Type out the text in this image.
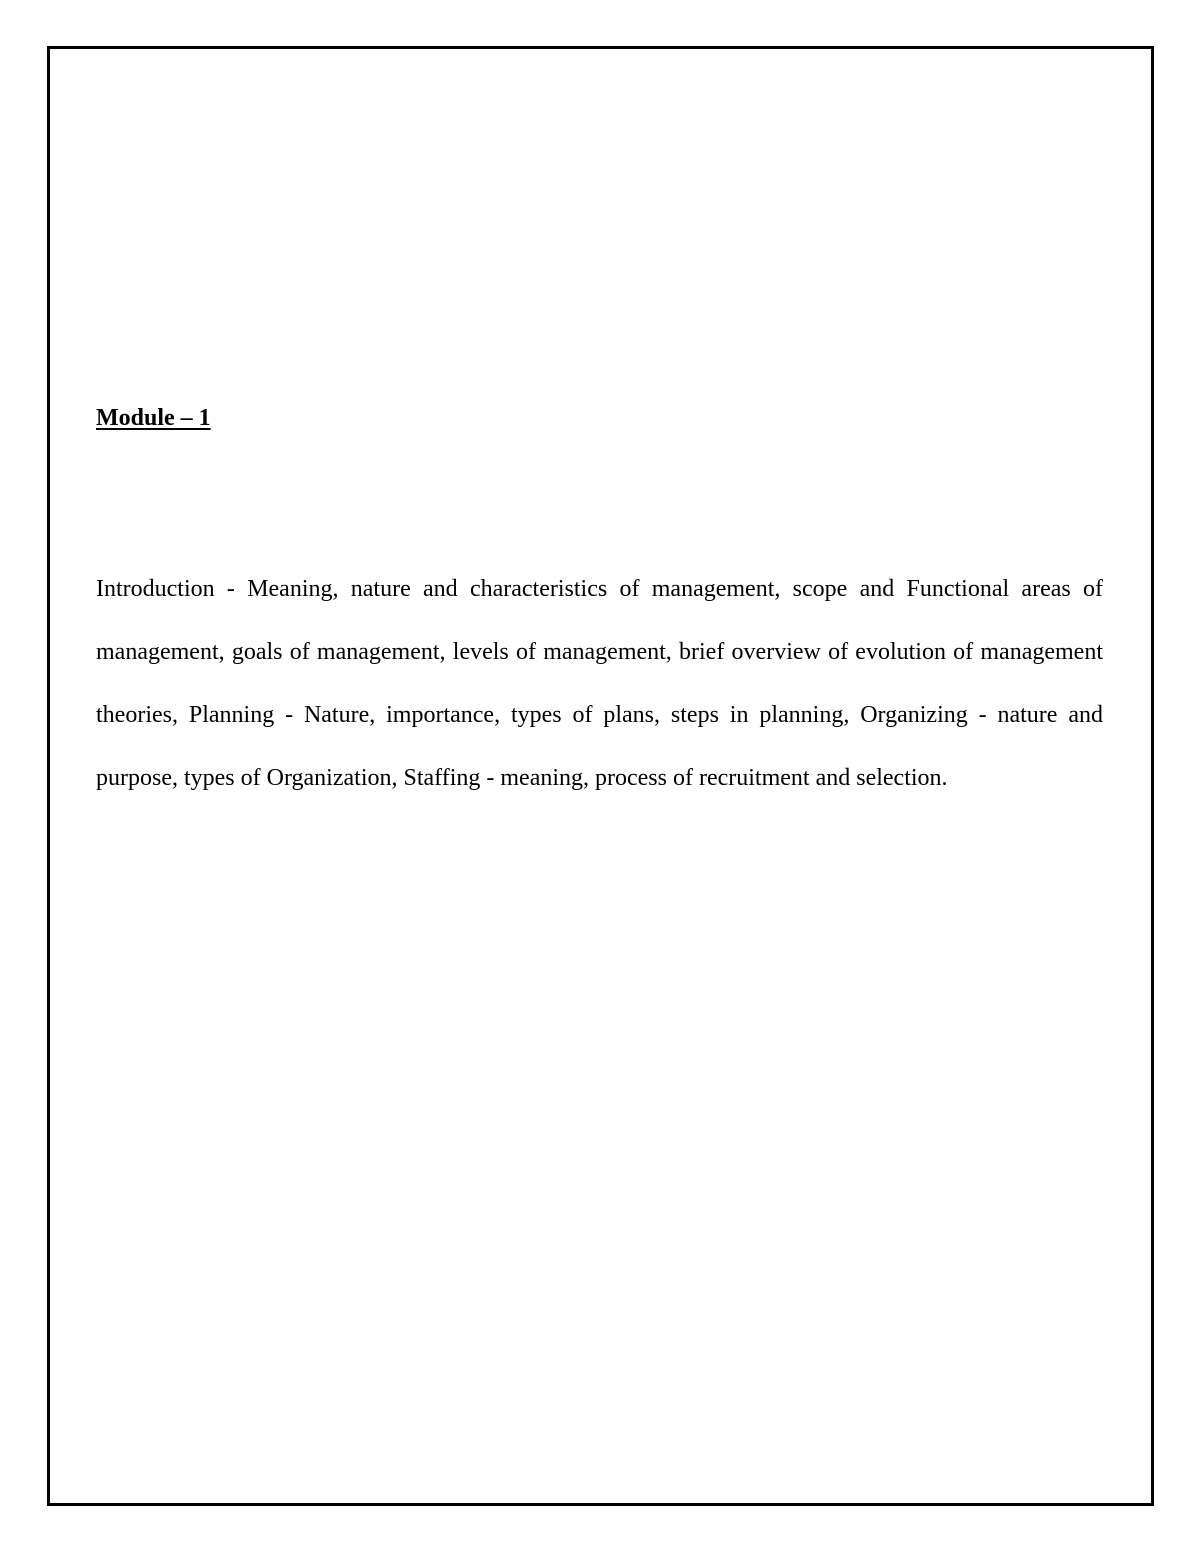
Module – 1

Introduction - Meaning, nature and characteristics of management, scope and Functional areas of management, goals of management, levels of management, brief overview of evolution of management theories, Planning - Nature, importance, types of plans, steps in planning, Organizing - nature and purpose, types of Organization, Staffing - meaning, process of recruitment and selection.
